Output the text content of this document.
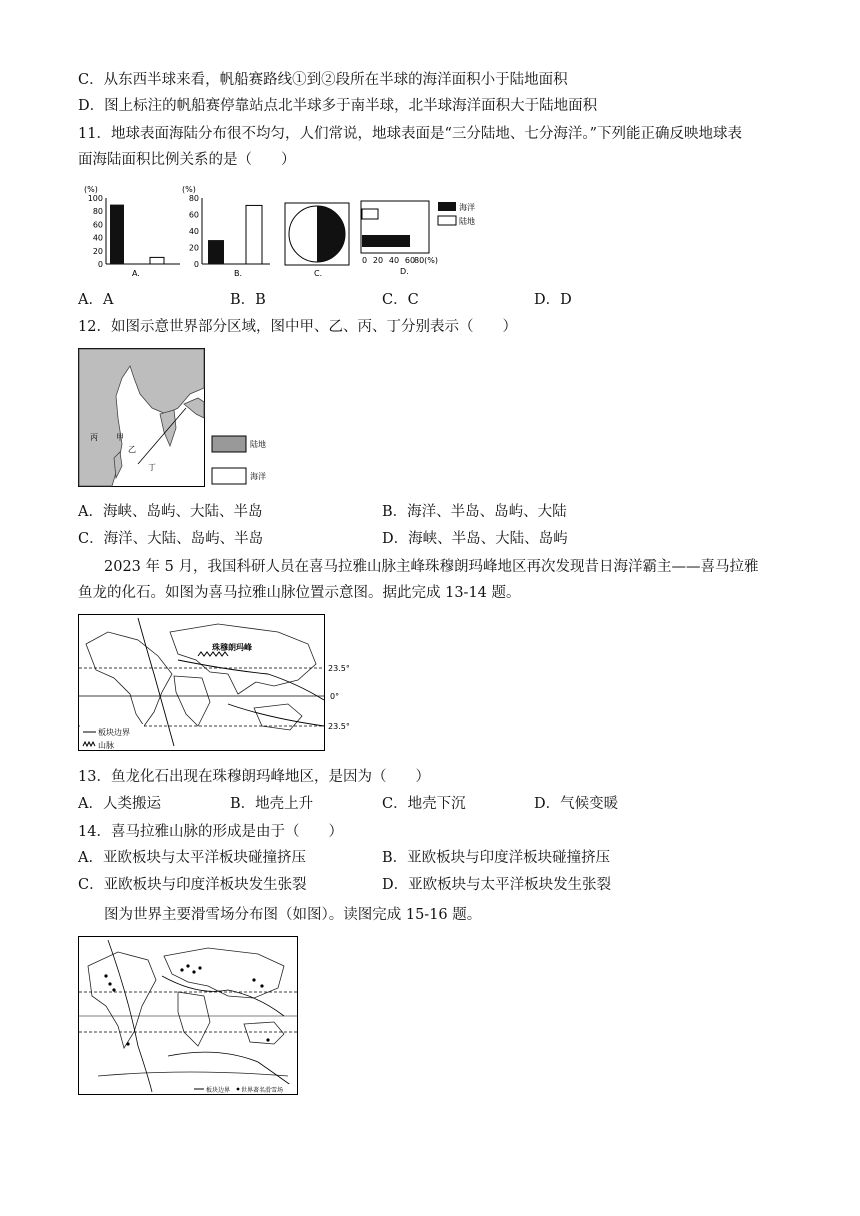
C．从东西半球来看，帆船赛路线①到②段所在半球的海洋面积小于陆地面积
D．图上标注的帆船赛停靠站点北半球多于南半球，北半球海洋面积大于陆地面积
11．地球表面海陆分布很不均匀，人们常说，地球表面是“三分陆地、七分海洋。”下列能正确反映地球表
面海陆面积比例关系的是（　　）
(%)
100
80
60
40
20
0
A.
(%)
80
60
40
20
0
B.	C.
0 20 40 60
80(%)
D.
海洋
陆地
A．A	B．B	C．C	D．D
12．如图示意世界部分区域，图中甲、乙、丙、丁分别表示（　　）
丙 甲
乙
丁
陆地
海洋
A．海峡、岛屿、大陆、半岛	B．海洋、半岛、岛屿、大陆
C．海洋、大陆、岛屿、半岛	D．海峡、半岛、大陆、岛屿
2023 年 5 月，我国科研人员在喜马拉雅山脉主峰珠穆朗玛峰地区再次发现昔日海洋霸主——喜马拉雅
鱼龙的化石。如图为喜马拉雅山脉位置示意图。据此完成 13-14 题。
珠穆朗玛峰
23.5°
0°
23.5°
板块边界
山脉
13．鱼龙化石出现在珠穆朗玛峰地区，是因为（　　）
A．人类搬运	B．地壳上升	C．地壳下沉	D．气候变暖
14．喜马拉雅山脉的形成是由于（　　）
A．亚欧板块与太平洋板块碰撞挤压	B．亚欧板块与印度洋板块碰撞挤压
C．亚欧板块与印度洋板块发生张裂	D．亚欧板块与太平洋板块发生张裂
图为世界主要滑雪场分布图（如图）。读图完成 15-16 题。
板块边界 世界著名滑雪场
